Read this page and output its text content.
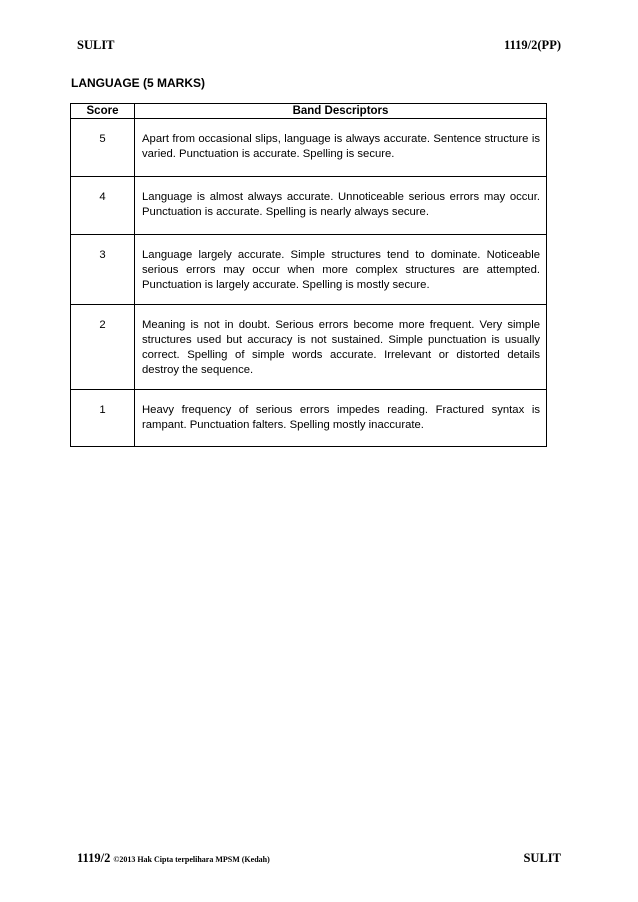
SULIT	1119/2(PP)
LANGUAGE (5 MARKS)
Score	Band Descriptors

5	Apart from occasional slips, language is always accurate. Sentence structure is varied. Punctuation is accurate. Spelling is secure.

4	Language is almost always accurate. Unnoticeable serious errors may occur. Punctuation is accurate. Spelling is nearly always secure.

3	Language largely accurate. Simple structures tend to dominate. Noticeable serious errors may occur when more complex structures are attempted. Punctuation is largely accurate. Spelling is mostly secure.

2	Meaning is not in doubt. Serious errors become more frequent. Very simple structures used but accuracy is not sustained. Simple punctuation is usually correct. Spelling of simple words accurate. Irrelevant or distorted details destroy the sequence.

1	Heavy frequency of serious errors impedes reading. Fractured syntax is rampant. Punctuation falters. Spelling mostly inaccurate.
1119/2 ©2013 Hak Cipta terpelihara MPSM (Kedah)	SULIT
